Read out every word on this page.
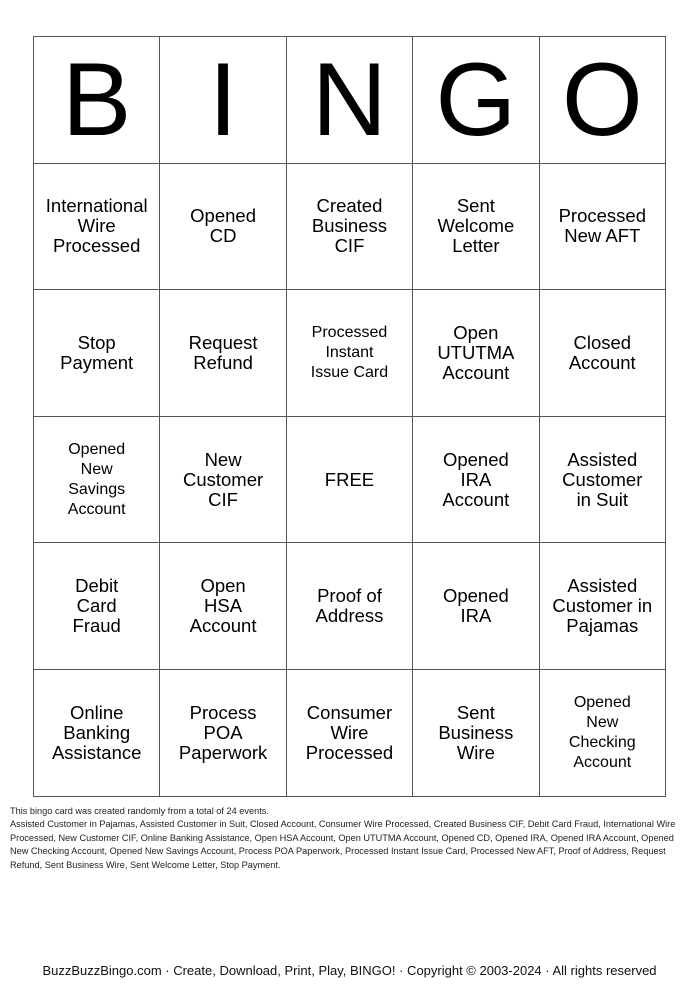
B	I	N	G	O

International Wire Processed	Opened CD	Created Business CIF	Sent Welcome Letter	Processed New AFT

Stop Payment	Request Refund	Processed Instant Issue Card	Open UTUTMA Account	Closed Account

Opened New Savings Account	New Customer CIF	FREE	Opened IRA Account	Assisted Customer in Suit

Debit Card Fraud	Open HSA Account	Proof of Address	Opened IRA	Assisted Customer in Pajamas

Online Banking Assistance	Process POA Paperwork	Consumer Wire Processed	Sent Business Wire	Opened New Checking Account

This bingo card was created randomly from a total of 24 events.

Assisted Customer in Pajamas, Assisted Customer in Suit, Closed Account, Consumer Wire Processed, Created Business CIF, Debit Card Fraud, International Wire Processed, New Customer CIF, Online Banking Assistance, Open HSA Account, Open UTUTMA Account, Opened CD, Opened IRA, Opened IRA Account, Opened New Checking Account, Opened New Savings Account, Process POA Paperwork, Processed Instant Issue Card, Processed New AFT, Proof of Address, Request Refund, Sent Business Wire, Sent Welcome Letter, Stop Payment.

BuzzBuzzBingo.com · Create, Download, Print, Play, BINGO! · Copyright © 2003-2024 · All rights reserved
